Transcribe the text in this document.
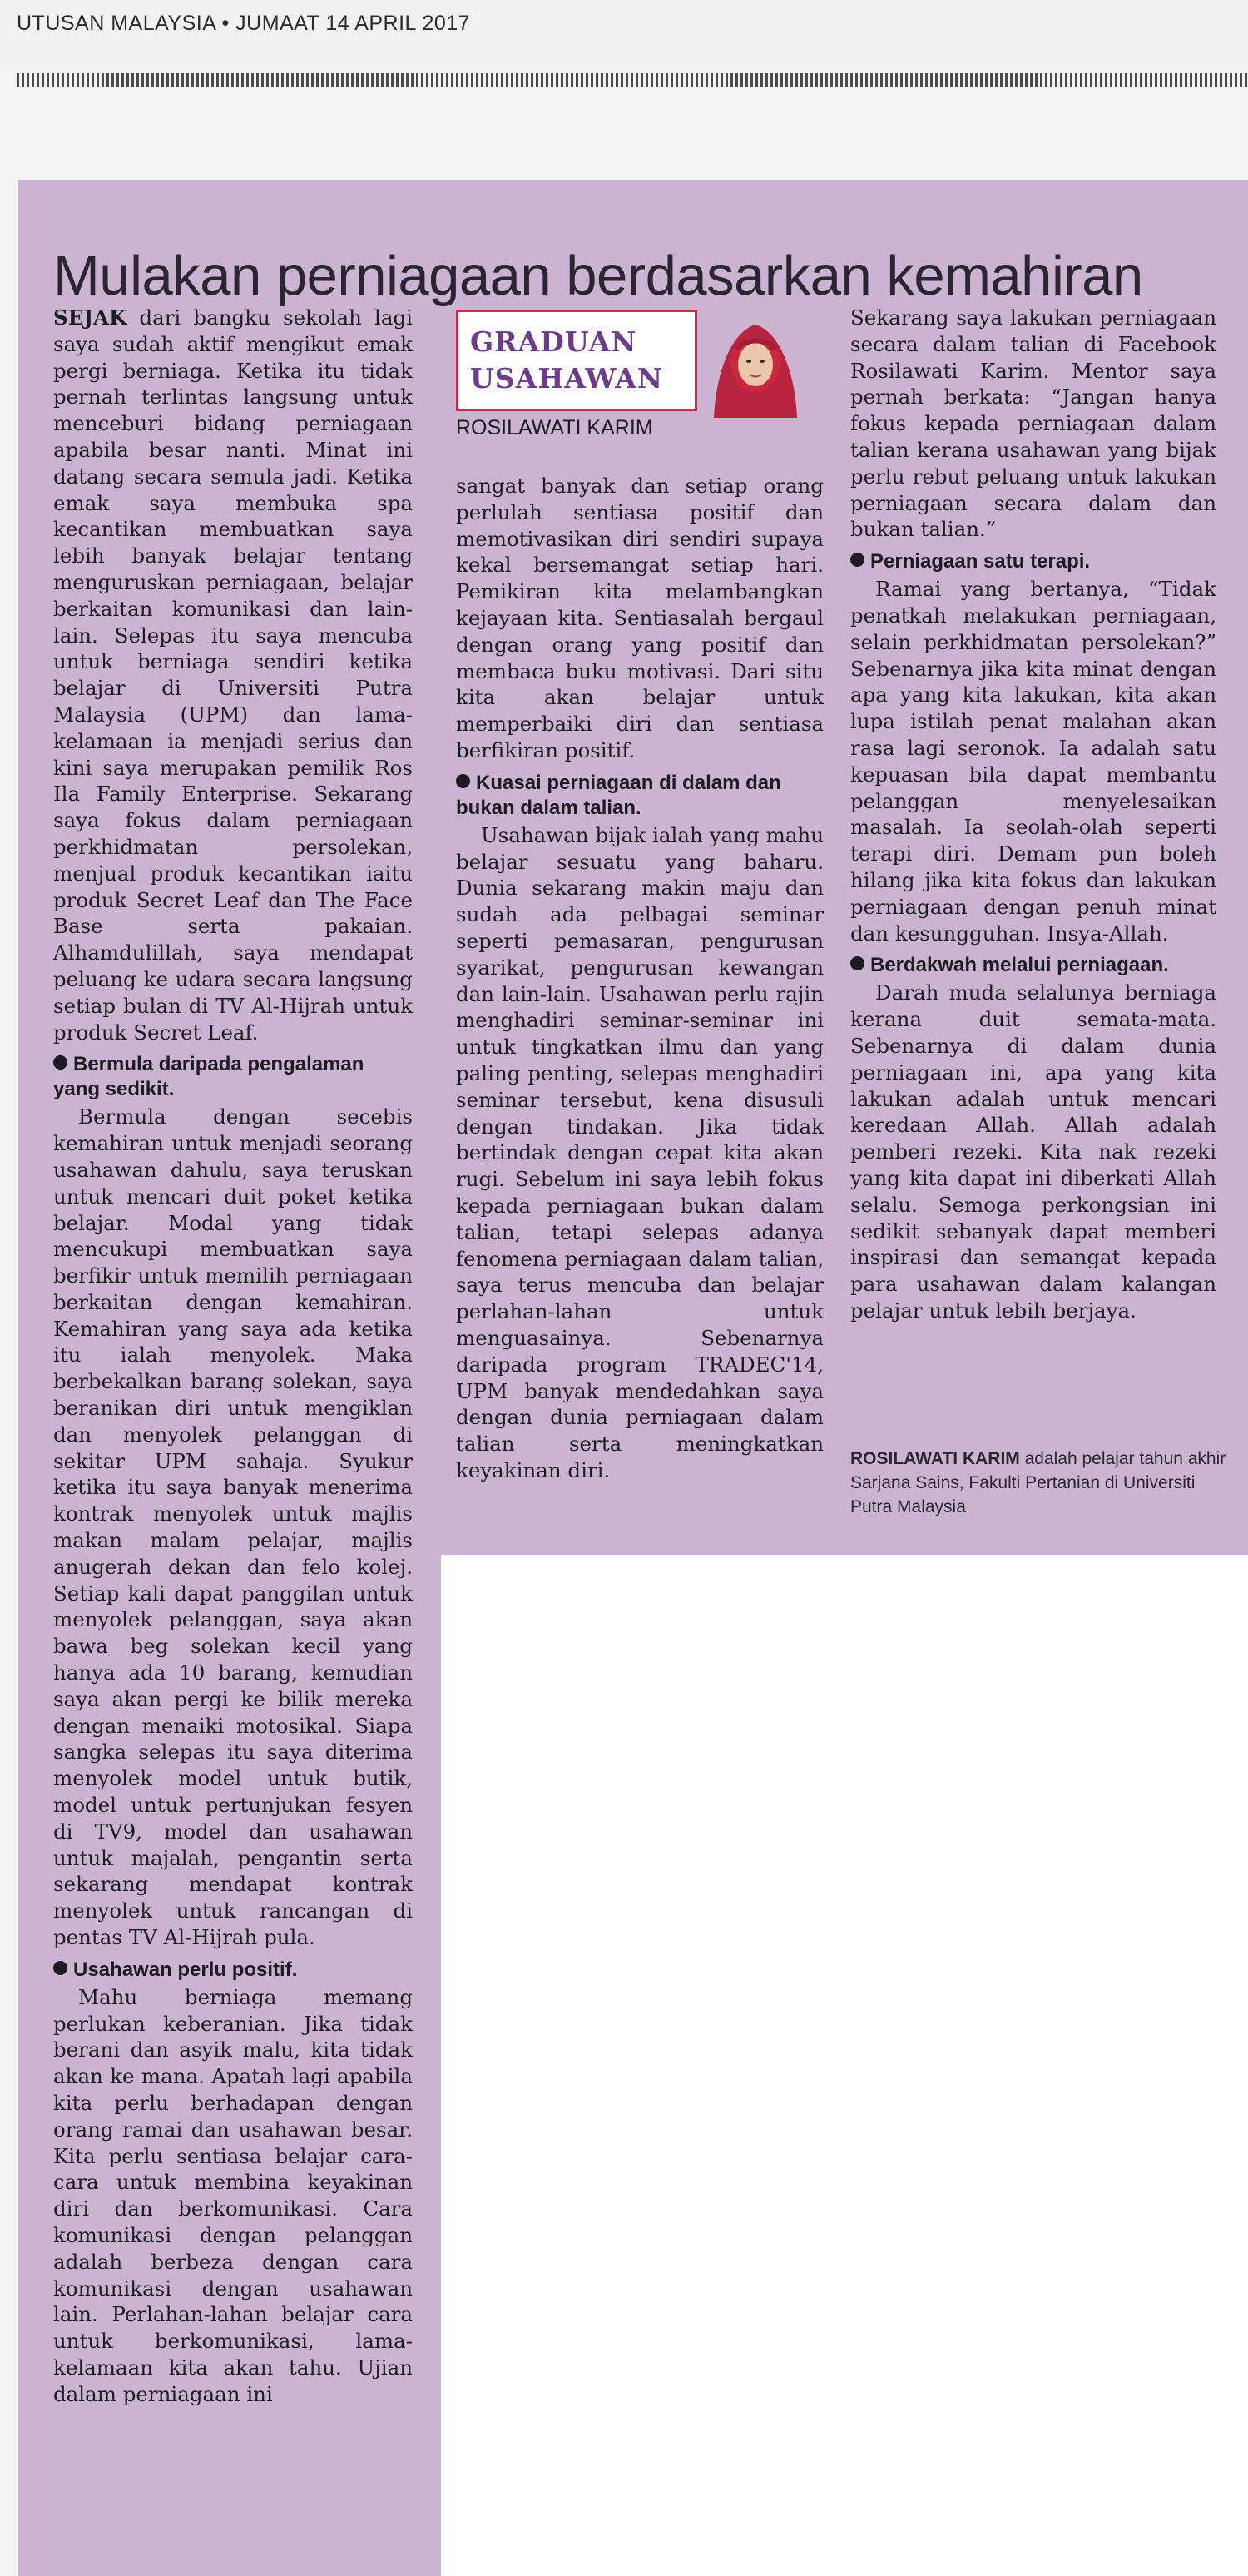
UTUSAN MALAYSIA • JUMAAT 14 APRIL 2017
Mulakan perniagaan berdasarkan kemahiran

SEJAK dari bangku sekolah lagi saya sudah aktif mengikut emak pergi berniaga. Ketika itu tidak pernah terlintas langsung untuk menceburi bidang perniagaan apabila besar nanti. Minat ini datang secara semula jadi. Ketika emak saya membuka spa kecantikan membuatkan saya lebih banyak belajar tentang menguruskan perniagaan, belajar berkaitan komunikasi dan lain-lain. Selepas itu saya mencuba untuk berniaga sendiri ketika belajar di Universiti Putra Malaysia (UPM) dan lama-kelamaan ia menjadi serius dan kini saya merupakan pemilik Ros Ila Family Enterprise. Sekarang saya fokus dalam perniagaan perkhidmatan persolekan, menjual produk kecantikan iaitu produk Secret Leaf dan The Face Base serta pakaian. Alhamdulillah, saya mendapat peluang ke udara secara langsung setiap bulan di TV Al-Hijrah untuk produk Secret Leaf.

Bermula daripada pengalaman yang sedikit.

Bermula dengan secebis kemahiran untuk menjadi seorang usahawan dahulu, saya teruskan untuk mencari duit poket ketika belajar. Modal yang tidak mencukupi membuatkan saya berfikir untuk memilih perniagaan berkaitan dengan kemahiran. Kemahiran yang saya ada ketika itu ialah menyolek. Maka berbekalkan barang solekan, saya beranikan diri untuk mengiklan dan menyolek pelanggan di sekitar UPM sahaja. Syukur ketika itu saya banyak menerima kontrak menyolek untuk majlis makan malam pelajar, majlis anugerah dekan dan felo kolej. Setiap kali dapat panggilan untuk menyolek pelanggan, saya akan bawa beg solekan kecil yang hanya ada 10 barang, kemudian saya akan pergi ke bilik mereka dengan menaiki motosikal. Siapa sangka selepas itu saya diterima menyolek model untuk butik, model untuk pertunjukan fesyen di TV9, model dan usahawan untuk majalah, pengantin serta sekarang mendapat kontrak menyolek untuk rancangan di pentas TV Al-Hijrah pula.

Usahawan perlu positif.

Mahu berniaga memang perlukan keberanian. Jika tidak berani dan asyik malu, kita tidak akan ke mana. Apatah lagi apabila kita perlu berhadapan dengan orang ramai dan usahawan besar. Kita perlu sentiasa belajar cara-cara untuk membina keyakinan diri dan berkomunikasi. Cara komunikasi dengan pelanggan adalah berbeza dengan cara komunikasi dengan usahawan lain. Perlahan-lahan belajar cara untuk berkomunikasi, lama-kelamaan kita akan tahu. Ujian dalam perniagaan ini

GRADUAN
USAHAWAN
ROSILAWATI KARIM

sangat banyak dan setiap orang perlulah sentiasa positif dan memotivasikan diri sendiri supaya kekal bersemangat setiap hari. Pemikiran kita melambangkan kejayaan kita. Sentiasalah bergaul dengan orang yang positif dan membaca buku motivasi. Dari situ kita akan belajar untuk memperbaiki diri dan sentiasa berfikiran positif.

Kuasai perniagaan di dalam dan bukan dalam talian.

Usahawan bijak ialah yang mahu belajar sesuatu yang baharu. Dunia sekarang makin maju dan sudah ada pelbagai seminar seperti pemasaran, pengurusan syarikat, pengurusan kewangan dan lain-lain. Usahawan perlu rajin menghadiri seminar-seminar ini untuk tingkatkan ilmu dan yang paling penting, selepas menghadiri seminar tersebut, kena disusuli dengan tindakan. Jika tidak bertindak dengan cepat kita akan rugi. Sebelum ini saya lebih fokus kepada perniagaan bukan dalam talian, tetapi selepas adanya fenomena perniagaan dalam talian, saya terus mencuba dan belajar perlahan-lahan untuk menguasainya. Sebenarnya daripada program TRADEC'14, UPM banyak mendedahkan saya dengan dunia perniagaan dalam talian serta meningkatkan keyakinan diri.

Sekarang saya lakukan perniagaan secara dalam talian di Facebook Rosilawati Karim. Mentor saya pernah berkata: “Jangan hanya fokus kepada perniagaan dalam talian kerana usahawan yang bijak perlu rebut peluang untuk lakukan perniagaan secara dalam dan bukan talian.”

Perniagaan satu terapi.

Ramai yang bertanya, “Tidak penatkah melakukan perniagaan, selain perkhidmatan persolekan?” Sebenarnya jika kita minat dengan apa yang kita lakukan, kita akan lupa istilah penat malahan akan rasa lagi seronok. Ia adalah satu kepuasan bila dapat membantu pelanggan menyelesaikan masalah. Ia seolah-olah seperti terapi diri. Demam pun boleh hilang jika kita fokus dan lakukan perniagaan dengan penuh minat dan kesungguhan. Insya-Allah.

Berdakwah melalui perniagaan.

Darah muda selalunya berniaga kerana duit semata-mata. Sebenarnya di dalam dunia perniagaan ini, apa yang kita lakukan adalah untuk mencari keredaan Allah. Allah adalah pemberi rezeki. Kita nak rezeki yang kita dapat ini diberkati Allah selalu. Semoga perkongsian ini sedikit sebanyak dapat memberi inspirasi dan semangat kepada para usahawan dalam kalangan pelajar untuk lebih berjaya.

ROSILAWATI KARIM adalah pelajar tahun akhir Sarjana Sains, Fakulti Pertanian di Universiti Putra Malaysia
